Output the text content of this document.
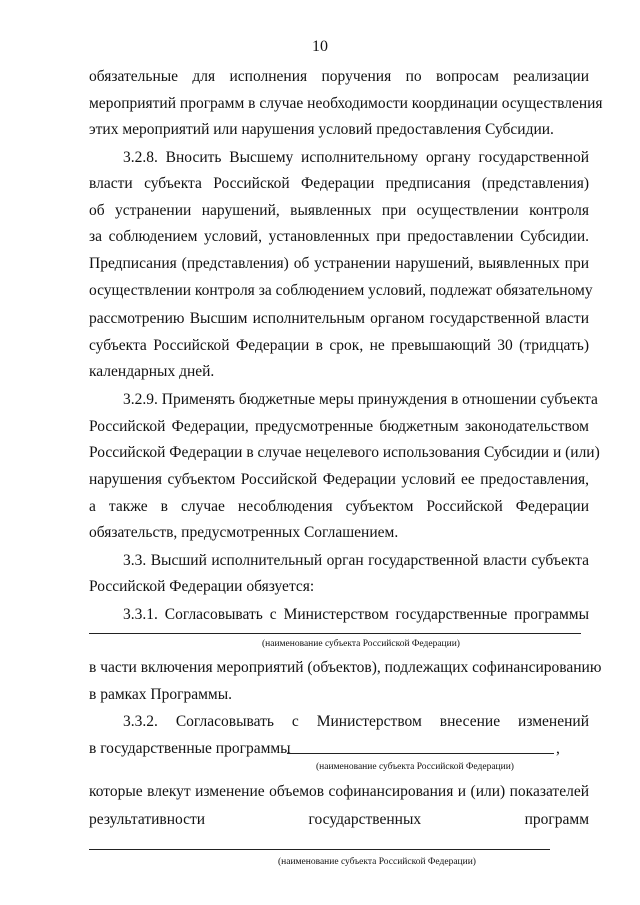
10
обязательные для исполнения поручения по вопросам реализации
мероприятий программ в случае необходимости координации осуществления
этих мероприятий или нарушения условий предоставления Субсидии.
3.2.8. Вносить Высшему исполнительному органу государственной
власти субъекта Российской Федерации предписания (представления)
об устранении нарушений, выявленных при осуществлении контроля
за соблюдением условий, установленных при предоставлении Субсидии.
Предписания (представления) об устранении нарушений, выявленных при
осуществлении контроля за соблюдением условий, подлежат обязательному
рассмотрению Высшим исполнительным органом государственной власти
субъекта Российской Федерации в срок, не превышающий 30 (тридцать)
календарных дней.
3.2.9. Применять бюджетные меры принуждения в отношении субъекта
Российской Федерации, предусмотренные бюджетным законодательством
Российской Федерации в случае нецелевого использования Субсидии и (или)
нарушения субъектом Российской Федерации условий ее предоставления,
а также в случае несоблюдения субъектом Российской Федерации
обязательств, предусмотренных Соглашением.
3.3. Высший исполнительный орган государственной власти субъекта
Российской Федерации обязуется:
3.3.1. Согласовывать с Министерством государственные программы
(наименование субъекта Российской Федерации)
в части включения мероприятий (объектов), подлежащих софинансированию
в рамках Программы.
3.3.2. Согласовывать с Министерством внесение изменений
в государственные программы	,
(наименование субъекта Российской Федерации)
которые влекут изменение объемов софинансирования и (или) показателей
результативности государственных программ
(наименование субъекта Российской Федерации)
